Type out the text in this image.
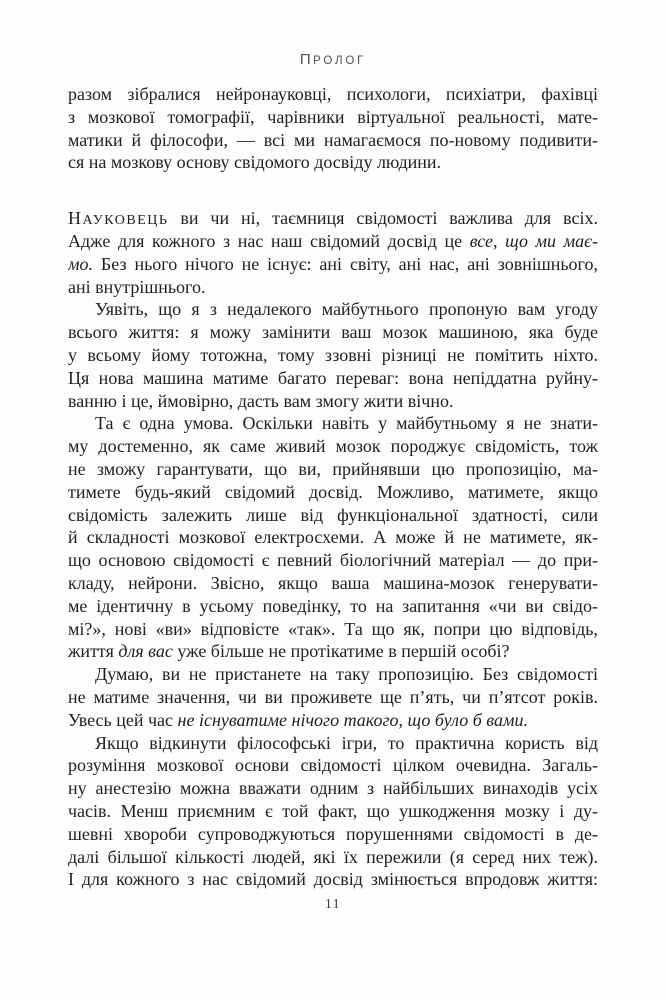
ПРОЛОГ
разом зібралися нейронауковці, психологи, психіатри, фахівці
з мозкової томографії, чарівники віртуальної реальності, мате-
матики й філософи, — всі ми намагаємося по-новому подивити-
ся на мозкову основу свідомого досвіду людини.
НАУКОВЕЦЬ ви чи ні, таємниця свідомості важлива для всіх.
Адже для кожного з нас наш свідомий досвід це все, що ми має-
мо. Без нього нічого не існує: ані світу, ані нас, ані зовнішнього,
ані внутрішнього.
Уявіть, що я з недалекого майбутнього пропоную вам угоду
всього життя: я можу замінити ваш мозок машиною, яка буде
у всьому йому тотожна, тому ззовні різниці не помітить ніхто.
Ця нова машина матиме багато переваг: вона непіддатна руйну-
ванню і це, ймовірно, дасть вам змогу жити вічно.
Та є одна умова. Оскільки навіть у майбутньому я не знати-
му достеменно, як саме живий мозок породжує свідомість, тож
не зможу гарантувати, що ви, прийнявши цю пропозицію, ма-
тимете будь-який свідомий досвід. Можливо, матимете, якщо
свідомість залежить лише від функціональної здатності, сили
й складності мозкової електросхеми. А може й не матимете, як-
що основою свідомості є певний біологічний матеріал — до при-
кладу, нейрони. Звісно, якщо ваша машина-мозок генерувати-
ме ідентичну в усьому поведінку, то на запитання «чи ви свідо-
мі?», нові «ви» відповісте «так». Та що як, попри цю відповідь,
життя для вас уже більше не протікатиме в першій особі?
Думаю, ви не пристанете на таку пропозицію. Без свідомості
не матиме значення, чи ви проживете ще п’ять, чи п’ятсот років.
Увесь цей час не існуватиме нічого такого, що було б вами.
Якщо відкинути філософські ігри, то практична користь від
розуміння мозкової основи свідомості цілком очевидна. Загаль-
ну анестезію можна вважати одним з найбільших винаходів усіх
часів. Менш приємним є той факт, що ушкодження мозку і ду-
шевні хвороби супроводжуються порушеннями свідомості в де-
далі більшої кількості людей, які їх пережили (я серед них теж).
І для кожного з нас свідомий досвід змінюється впродовж життя:
11
